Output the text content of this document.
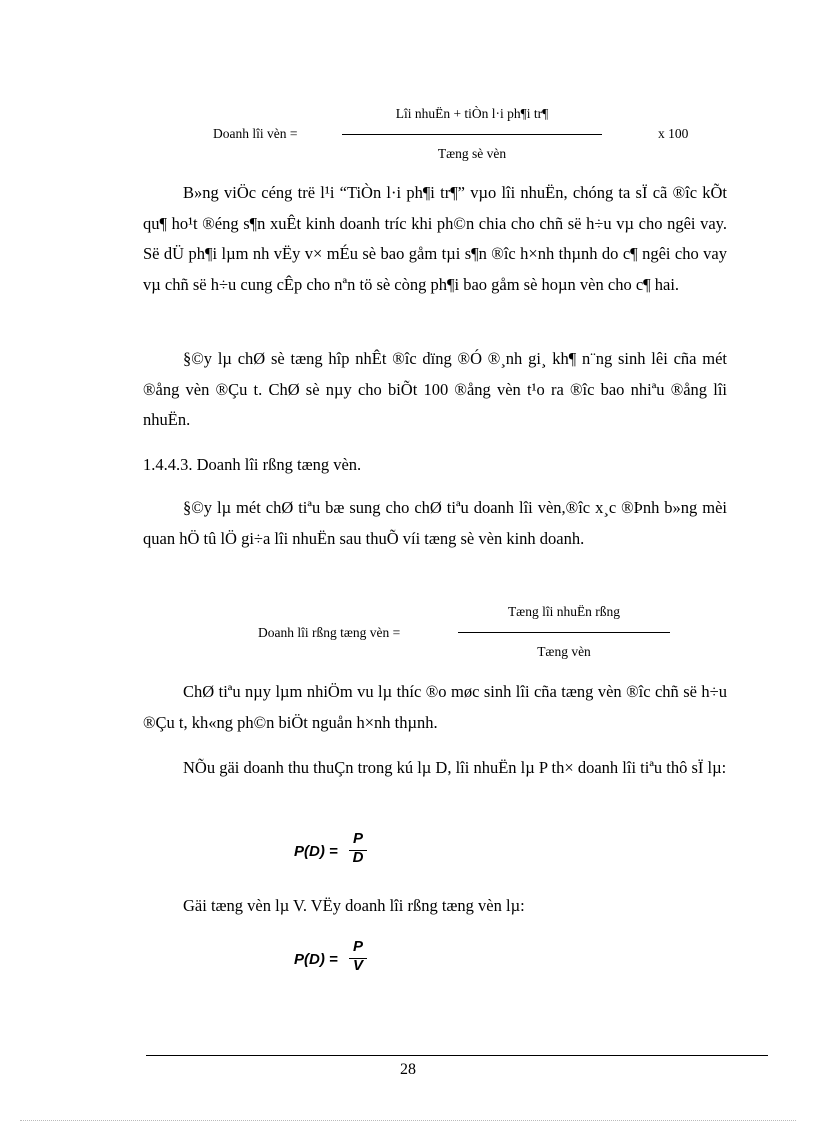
Lîi nhuËn + tiÒn l·i ph¶i tr¶
Doanh lîi vèn =	x 100
Tæng sè vèn

B»ng viÖc céng trë l¹i “TiÒn l·i ph¶i tr¶” vµo lîi nhuËn, chóng ta sÏ cã ®îc kÕt qu¶ ho¹t ®éng s¶n xuÊt kinh doanh tríc khi ph©n chia cho chñ së h÷u vµ cho ngêi vay. Së dÜ ph¶i lµm nh vËy v× mÉu sè bao gåm tµi s¶n ®îc h×nh thµnh do c¶ ngêi cho vay vµ chñ së h÷u cung cÊp cho nªn tö sè còng ph¶i bao gåm sè hoµn vèn cho c¶ hai.

§©y lµ chØ sè tæng hîp nhÊt ®îc dïng ®Ó ®¸nh gi¸ kh¶ n¨ng sinh lêi cña mét ®ång vèn ®Çu t. ChØ sè nµy cho biÕt 100 ®ång vèn t¹o ra ®îc bao nhiªu ®ång lîi nhuËn.

1.4.4.3. Doanh lîi rßng tæng vèn.

§©y lµ mét chØ tiªu bæ sung cho chØ tiªu doanh lîi vèn,®îc x¸c ®Þnh b»ng mèi quan hÖ tû lÖ gi÷a lîi nhuËn sau thuÕ víi tæng sè vèn kinh doanh.

Tæng lîi nhuËn rßng
Doanh lîi rßng tæng vèn =
Tæng vèn

ChØ tiªu nµy lµm nhiÖm vu lµ thíc ®o møc sinh lîi cña tæng vèn ®îc chñ së h÷u ®Çu t, kh«ng ph©n biÖt nguån h×nh thµnh.

NÕu gäi doanh thu thuÇn trong kú lµ D, lîi nhuËn lµ P th× doanh lîi tiªu thô sÏ lµ:

P(D) =
P
D

Gäi tæng vèn lµ V. VËy doanh lîi rßng tæng vèn lµ:

P(D) =
P
V
28
